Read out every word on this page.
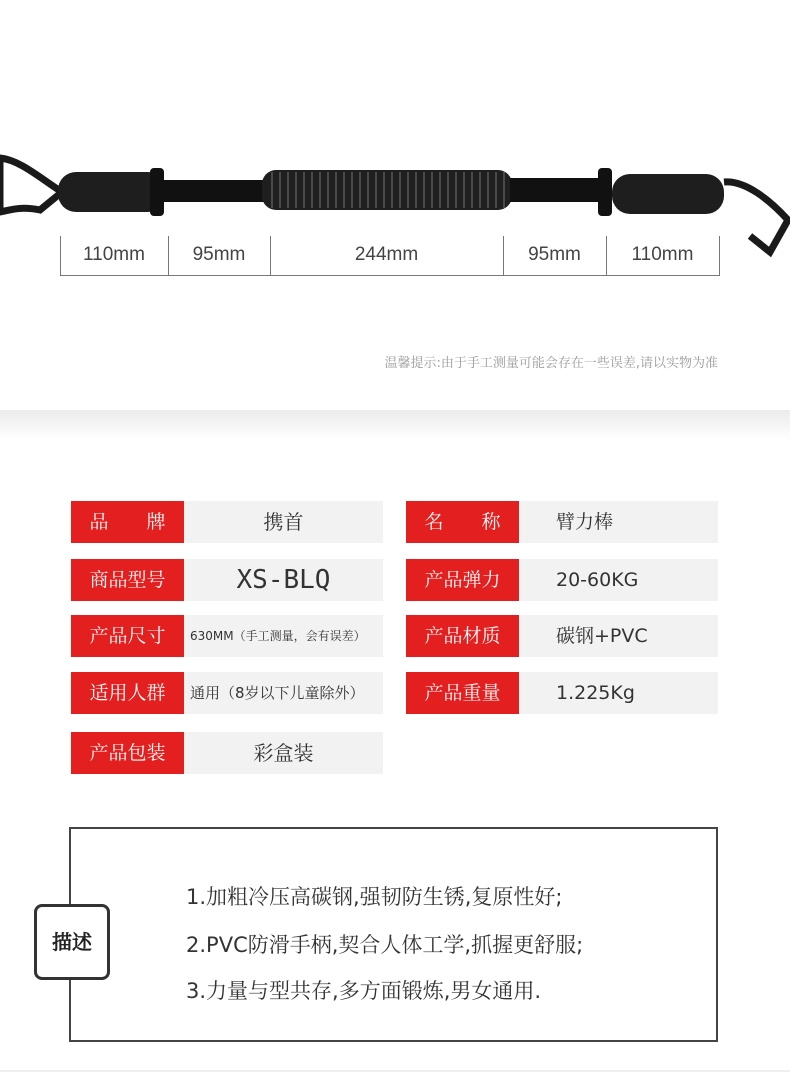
110mm	95mm	244mm	95mm	110mm
温馨提示:由于手工测量可能会存在一些误差,请以实物为准
品　　牌	携首	名　　称	臂力棒
商品型号	XS-BLQ	产品弹力	20-60KG
产品尺寸	630MM（手工测量，会有误差）	产品材质	碳钢+PVC
适用人群	通用（8岁以下儿童除外）	产品重量	1.225Kg
产品包装	彩盒装
1.加粗冷压高碳钢,强韧防生锈,复原性好;
2.PVC防滑手柄,契合人体工学,抓握更舒服;
3.力量与型共存,多方面锻炼,男女通用.
描述
